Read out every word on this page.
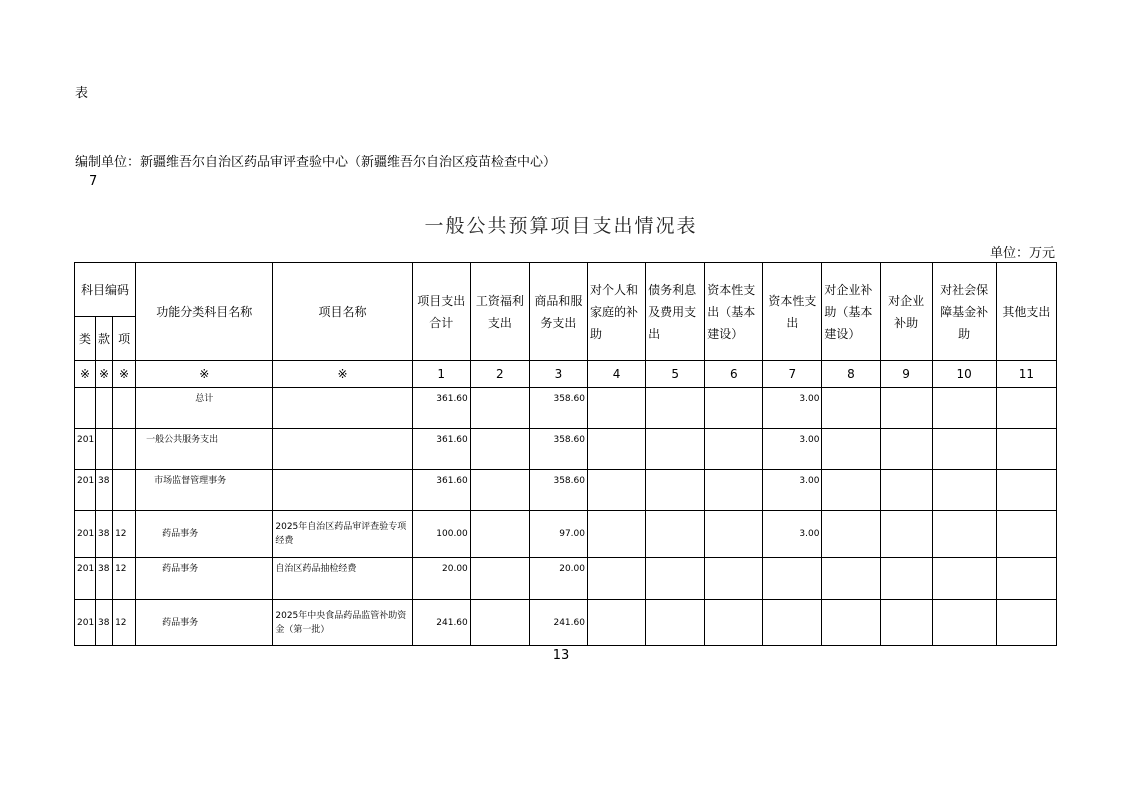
表
编制单位：新疆维吾尔自治区药品审评查验中心（新疆维吾尔自治区疫苗检查中心）
7
一般公共预算项目支出情况表
单位：万元
科目编码			功能分类科目名称	项目名称	项目支出合计	工资福利支出	商品和服务支出	对个人和家庭的补助	债务利息及费用支出	资本性支出（基本建设）	资本性支出	对企业补助（基本建设）	对企业补助	对社会保障基金补助	其他支出
类	款	项													
※	※	※	※	※	1	2	3	4	5	6	7	8	9	10	11
			总计		361.60		358.60				3.00				
201			一般公共服务支出		361.60		358.60				3.00				
201	38		市场监督管理事务		361.60		358.60				3.00				
201	38	12	药品事务	2025年自治区药品审评查验专项经费	100.00		97.00				3.00				
201	38	12	药品事务	自治区药品抽检经费	20.00		20.00								
201	38	12	药品事务	2025年中央食品药品监管补助资金（第一批）	241.60		241.60								
13
